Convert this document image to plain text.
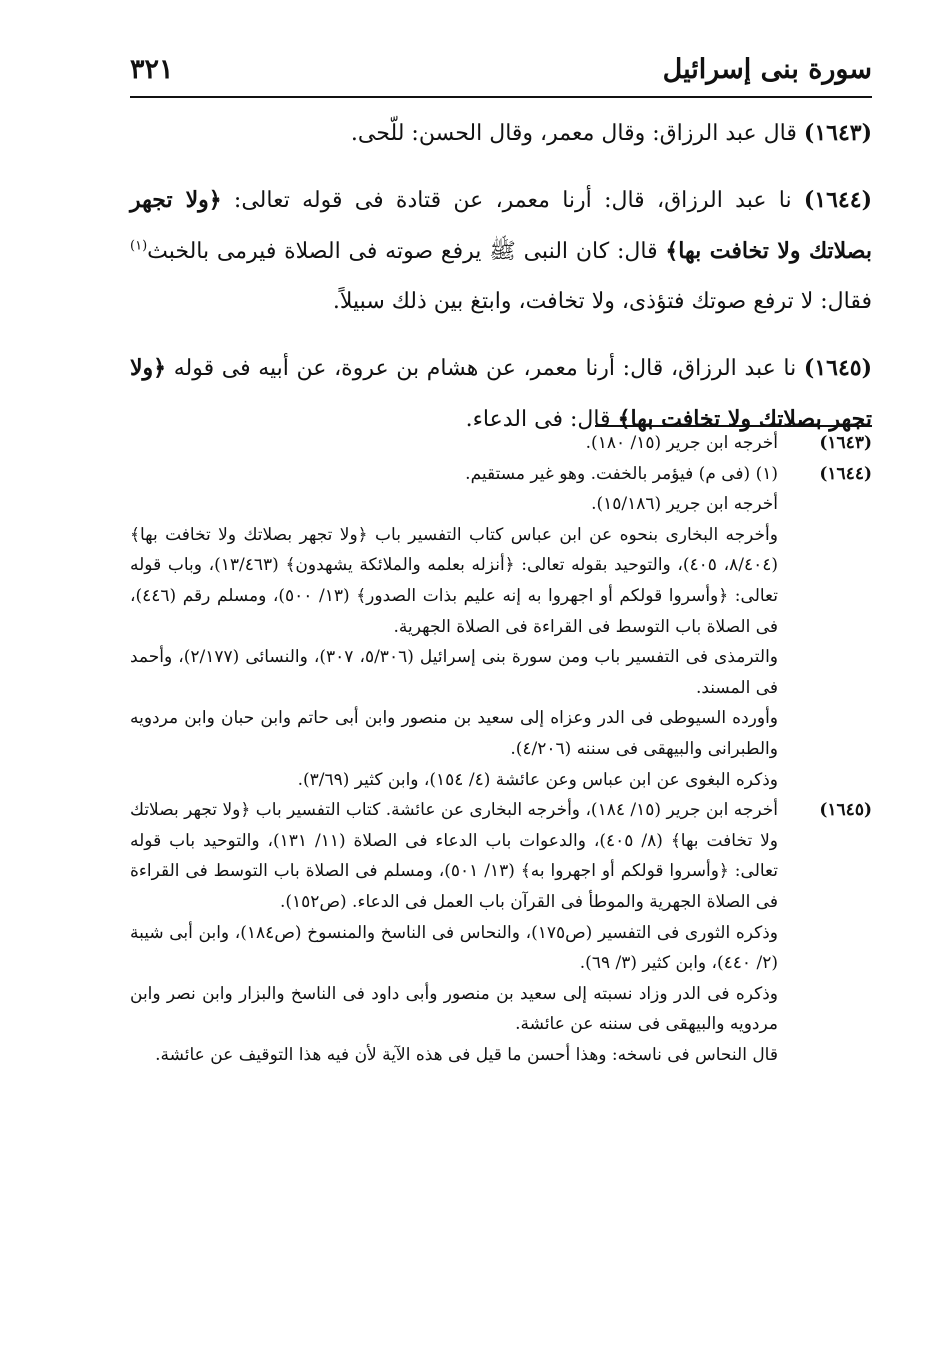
سورة بنى إسرائيل
٣٢١

(١٦٤٣) قال عبد الرزاق: وقال معمر، وقال الحسن: للّحى.

(١٦٤٤) نا عبد الرزاق، قال: أرنا معمر، عن قتادة فى قوله تعالى: ﴿ولا تجهر بصلاتك ولا تخافت بها﴾ قال: كان النبى ﷺ يرفع صوته فى الصلاة فيرمى بالخبث$^{(١)}$ فقال: لا ترفع صوتك فتؤذى، ولا تخافت، وابتغ بين ذلك سبيلاً.

(١٦٤٥) نا عبد الرزاق، قال: أرنا معمر، عن هشام بن عروة، عن أبيه فى قوله ﴿ولا تجهر بصلاتك ولا تخافت بها﴾ قال: فى الدعاء.

(١٦٤٣)
أخرجه ابن جرير (١٥/ ١٨٠).
(١٦٤٤)
(١) (فى م) فيؤمر بالخفت. وهو غير مستقيم.
أخرجه ابن جرير (١٥/١٨٦).
وأخرجه البخارى بنحوه عن ابن عباس كتاب التفسير باب ﴿ولا تجهر بصلاتك ولا تخافت بها﴾ (٨/٤٠٤، ٤٠٥)، والتوحيد بقوله تعالى: ﴿أنزله بعلمه والملائكة يشهدون﴾ (١٣/٤٦٣)، وباب قوله تعالى: ﴿وأسروا قولكم أو اجهروا به إنه عليم بذات الصدور﴾ (١٣/ ٥٠٠)، ومسلم رقم (٤٤٦)، فى الصلاة باب التوسط فى القراءة فى الصلاة الجهرية.
والترمذى فى التفسير باب ومن سورة بنى إسرائيل (٥/٣٠٦، ٣٠٧)، والنسائى (٢/١٧٧)، وأحمد فى المسند.
وأورده السيوطى فى الدر وعزاه إلى سعيد بن منصور وابن أبى حاتم وابن حبان وابن مردويه والطبرانى والبيهقى فى سننه (٤/٢٠٦).
وذكره البغوى عن ابن عباس وعن عائشة (٤/ ١٥٤)، وابن كثير (٣/٦٩).
(١٦٤٥)
أخرجه ابن جرير (١٥/ ١٨٤)، وأخرجه البخارى عن عائشة. كتاب التفسير باب ﴿ولا تجهر بصلاتك ولا تخافت بها﴾ (٨/ ٤٠٥)، والدعوات باب الدعاء فى الصلاة (١١/ ١٣١)، والتوحيد باب قوله تعالى: ﴿وأسروا قولكم أو اجهروا به﴾ (١٣/ ٥٠١)، ومسلم فى الصلاة باب التوسط فى القراءة فى الصلاة الجهرية والموطأ فى القرآن باب العمل فى الدعاء. (ص١٥٢).
وذكره الثورى فى التفسير (ص١٧٥)، والنحاس فى الناسخ والمنسوخ (ص١٨٤)، وابن أبى شيبة (٢/ ٤٤٠)، وابن كثير (٣/ ٦٩).
وذكره فى الدر وزاد نسبته إلى سعيد بن منصور وأبى داود فى الناسخ والبزار وابن نصر وابن مردويه والبيهقى فى سننه عن عائشة.
قال النحاس فى ناسخه: وهذا أحسن ما قيل فى هذه الآية لأن فيه هذا التوقيف عن عائشة.
